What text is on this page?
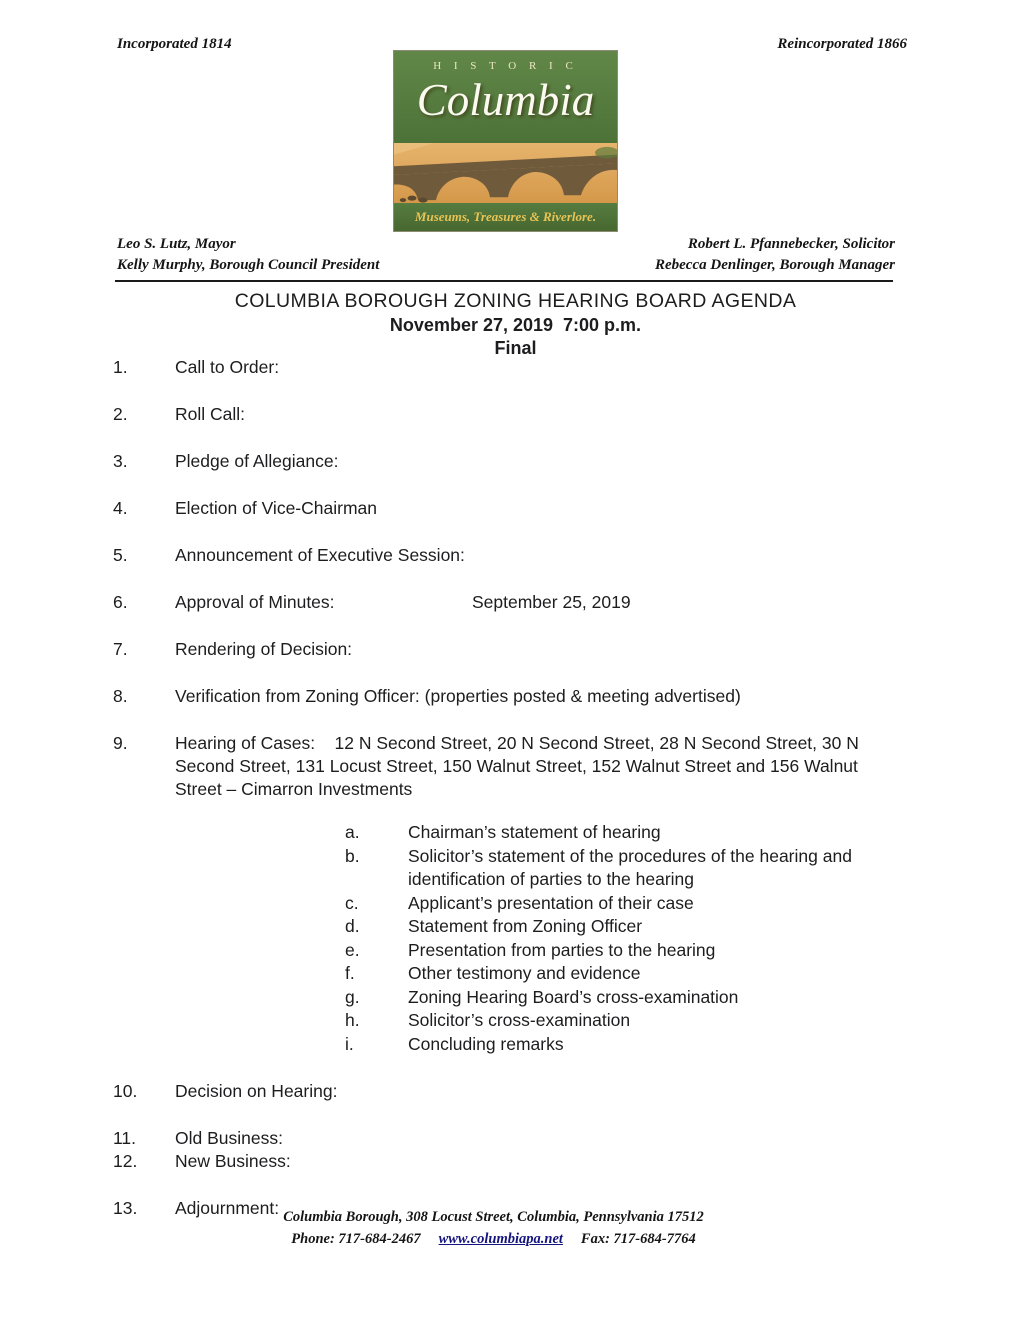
Incorporated 1814	Reincorporated 1866
H I S T O R I C
Columbia
Museums, Treasures & Riverlore.
Leo S. Lutz, Mayor
Kelly Murphy, Borough Council President
Robert L. Pfannebecker, Solicitor
Rebecca Denlinger, Borough Manager
COLUMBIA BOROUGH ZONING HEARING BOARD AGENDA
November 27, 2019  7:00 p.m.
Final
1.	Call to Order:
2.	Roll Call:
3.	Pledge of Allegiance:
4.	Election of Vice-Chairman
5.	Announcement of Executive Session:
6.	Approval of Minutes:	September 25, 2019
7.	Rendering of Decision:
8.	Verification from Zoning Officer: (properties posted & meeting advertised)
9.	Hearing of Cases:    12 N Second Street, 20 N Second Street, 28 N Second Street, 30 N Second Street, 131 Locust Street, 150 Walnut Street, 152 Walnut Street and 156 Walnut Street – Cimarron Investments
a.	Chairman’s statement of hearing
b.	Solicitor’s statement of the procedures of the hearing and identification of parties to the hearing
c.	Applicant’s presentation of their case
d.	Statement from Zoning Officer
e.	Presentation from parties to the hearing
f.	Other testimony and evidence
g.	Zoning Hearing Board’s cross-examination
h.	Solicitor’s cross-examination
i.	Concluding remarks
10.	Decision on Hearing:
11.	Old Business:
12.	New Business:
13.	Adjournment: Columbia Borough, 308 Locust Street, Columbia, Pennsylvania 17512
Phone: 717-684-2467 www.columbiapa.net Fax: 717-684-7764
